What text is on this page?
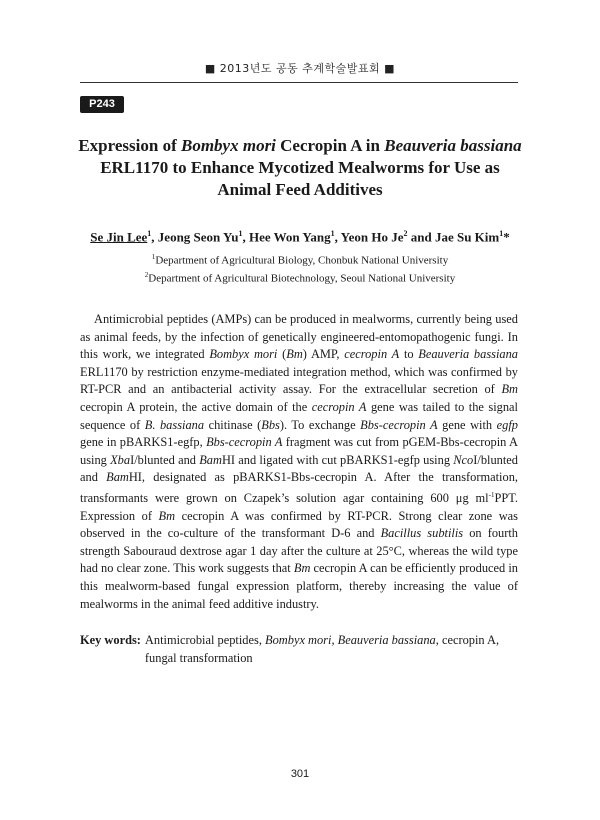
■ 2013년도 공동 추계학술발표회 ■
P243

Expression of Bombyx mori Cecropin A in Beauveria bassiana

ERL1170 to Enhance Mycotized Mealworms for Use as

Animal Feed Additives

Se Jin Lee$^1$, Jeong Seon Yu$^1$, Hee Won Yang$^1$, Yeon Ho Je$^2$ and Jae Su Kim$^1$*

$^1$Department of Agricultural Biology, Chonbuk National University

$^2$Department of Agricultural Biotechnology, Seoul National University

Antimicrobial peptides (AMPs) can be produced in mealworms, currently being used as animal feeds, by the infection of genetically engineered-entomopathogenic fungi. In this work, we integrated Bombyx mori (Bm) AMP, cecropin A to Beauveria bassiana ERL1170 by restriction enzyme-mediated integration method, which was confirmed by RT-PCR and an antibacterial activity assay. For the extracellular secretion of Bm cecropin A protein, the active domain of the cecropin A gene was tailed to the signal sequence of B. bassiana chitinase (Bbs). To exchange Bbs-cecropin A gene with egfp gene in pBARKS1-egfp, Bbs-cecropin A fragment was cut from pGEM-Bbs-cecropin A using XbaI/blunted and BamHI and ligated with cut pBARKS1-egfp using NcoI/blunted and BamHI, designated as pBARKS1-Bbs-cecropin A. After the transformation, transformants were grown on Czapek’s solution agar containing 600 μg $ml^{-1}PPT$. Expression of Bm cecropin A was confirmed by RT-PCR. Strong clear zone was observed in the co-culture of the transformant D-6 and Bacillus subtilis on fourth strength Sabouraud dextrose agar 1 day after the culture at 25°C, whereas the wild type had no clear zone. This work suggests that Bm cecropin A can be efficiently produced in this mealworm-based fungal expression platform, thereby increasing the value of mealworms in the animal feed additive industry.
Key words: Antimicrobial peptides, Bombyx mori, Beauveria bassiana, cecropin A, fungal transformation
301
